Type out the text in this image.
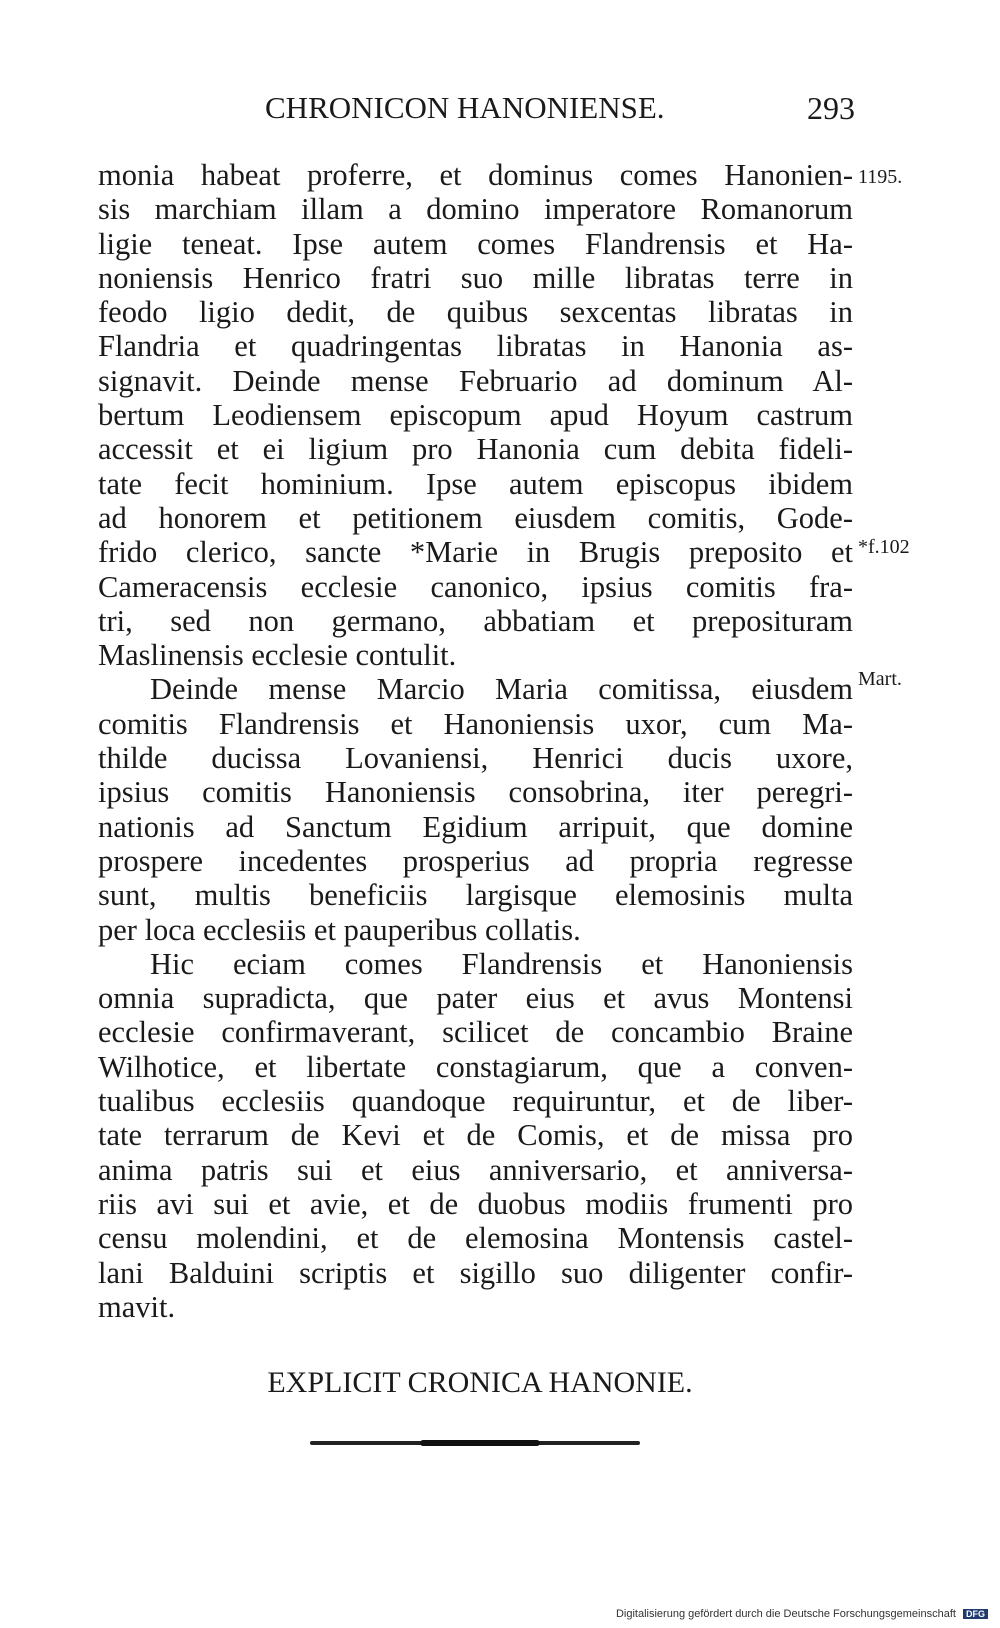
CHRONICON HANONIENSE.	293
monia habeat proferre, et dominus comes Hanonien-
sis marchiam illam a domino imperatore Romanorum
ligie teneat. Ipse autem comes Flandrensis et Ha-
noniensis Henrico fratri suo mille libratas terre in
feodo ligio dedit, de quibus sexcentas libratas in
Flandria et quadringentas libratas in Hanonia as-
signavit. Deinde mense Februario ad dominum Al-
bertum Leodiensem episcopum apud Hoyum castrum
accessit et ei ligium pro Hanonia cum debita fideli-
tate fecit hominium. Ipse autem episcopus ibidem
ad honorem et petitionem eiusdem comitis, Gode-
frido clerico, sancte *Marie in Brugis preposito et
Cameracensis ecclesie canonico, ipsius comitis fra-
tri, sed non germano, abbatiam et preposituram
Maslinensis ecclesie contulit.
Deinde mense Marcio Maria comitissa, eiusdem
comitis Flandrensis et Hanoniensis uxor, cum Ma-
thilde ducissa Lovaniensi, Henrici ducis uxore,
ipsius comitis Hanoniensis consobrina, iter peregri-
nationis ad Sanctum Egidium arripuit, que domine
prospere incedentes prosperius ad propria regresse
sunt, multis beneficiis largisque elemosinis multa
per loca ecclesiis et pauperibus collatis.
Hic eciam comes Flandrensis et Hanoniensis
omnia supradicta, que pater eius et avus Montensi
ecclesie confirmaverant, scilicet de concambio Braine
Wilhotice, et libertate constagiarum, que a conven-
tualibus ecclesiis quandoque requiruntur, et de liber-
tate terrarum de Kevi et de Comis, et de missa pro
anima patris sui et eius anniversario, et anniversa-
riis avi sui et avie, et de duobus modiis frumenti pro
censu molendini, et de elemosina Montensis castel-
lani Balduini scriptis et sigillo suo diligenter confir-
mavit.
1195.
*f.102
Mart.
EXPLICIT CRONICA HANONIE.
Digitalisierung gefördert durch die Deutsche Forschungsgemeinschaft DFG
